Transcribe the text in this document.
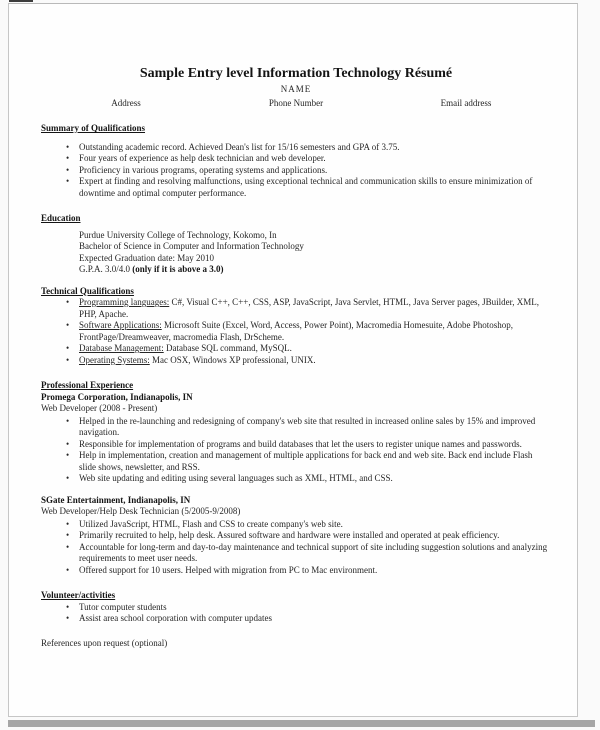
Sample Entry level Information Technology Résumé
NAME
Address	Phone Number	Email address
Summary of Qualifications
• Outstanding academic record. Achieved Dean's list for 15/16 semesters and GPA of 3.75.
• Four years of experience as help desk technician and web developer.
• Proficiency in various programs, operating systems and applications.
• Expert at finding and resolving malfunctions, using exceptional technical and communication skills to ensure minimization of downtime and optimal computer performance.
Education
Purdue University College of Technology, Kokomo, In
Bachelor of Science in Computer and Information Technology
Expected Graduation date: May 2010
G.P.A. 3.0/4.0 (only if it is above a 3.0)
Technical Qualifications
• Programming languages: C#, Visual C++, C++, CSS, ASP, JavaScript, Java Servlet, HTML, Java Server pages, JBuilder, XML, PHP, Apache.
• Software Applications: Microsoft Suite (Excel, Word, Access, Power Point), Macromedia Homesuite, Adobe Photoshop, FrontPage/Dreamweaver, macromedia Flash, DrScheme.
• Database Management: Database SQL command, MySQL.
• Operating Systems: Mac OSX, Windows XP professional, UNIX.
Professional Experience
Promega Corporation, Indianapolis, IN
Web Developer (2008 - Present)
• Helped in the re-launching and redesigning of company's web site that resulted in increased online sales by 15% and improved navigation.
• Responsible for implementation of programs and build databases that let the users to register unique names and passwords.
• Help in implementation, creation and management of multiple applications for back end and web site. Back end include Flash slide shows, newsletter, and RSS.
• Web site updating and editing using several languages such as XML, HTML, and CSS.
SGate Entertainment, Indianapolis, IN
Web Developer/Help Desk Technician (5/2005-9/2008)
• Utilized JavaScript, HTML, Flash and CSS to create company's web site.
• Primarily recruited to help, help desk. Assured software and hardware were installed and operated at peak efficiency.
• Accountable for long-term and day-to-day maintenance and technical support of site including suggestion solutions and analyzing requirements to meet user needs.
• Offered support for 10 users. Helped with migration from PC to Mac environment.
Volunteer/activities
• Tutor computer students
• Assist area school corporation with computer updates
References upon request (optional)
